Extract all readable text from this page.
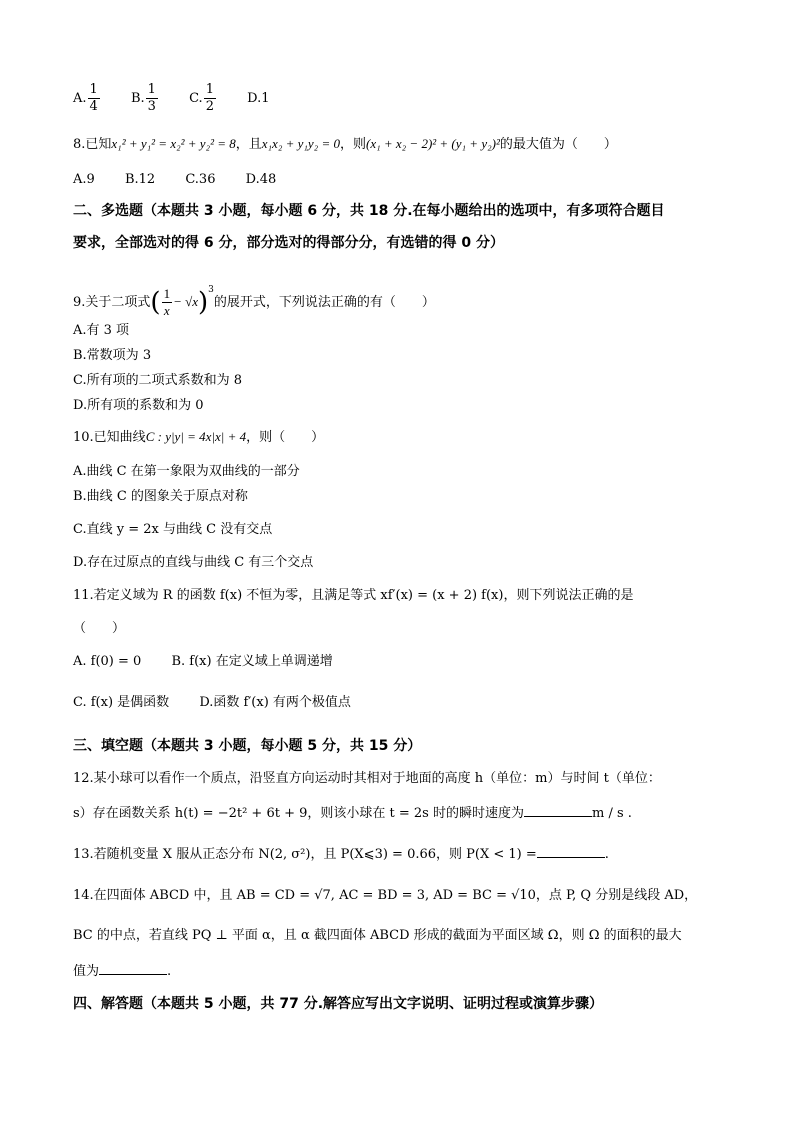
A. $\frac{1}{4} B$. $\frac{1}{3} C$. $\frac{1}{2} D.1$
8.已知x₁² + y₁² = x₂² + y₂² = 8，且x₁x₂ + y₁y₂ = 0，则(x₁ + x₂ − 2)² + (y₁ + y₂)²的最大值为（　　）
A.9 B.12 C.36 D.48
二、多选题（本题共 3 小题，每小题 6 分，共 18 分.在每小题给出的选项中，有多项符合题目
要求，全部选对的得 6 分，部分选对的得部分分，有选错的得 0 分）
9.关于二项式( $\frac{1}{x} - √x)^3$的展开式，下列说法正确的有（　　）
A.有 3 项
B.常数项为 3
C.所有项的二项式系数和为 8
D.所有项的系数和为 0
10.已知曲线C : y|y| = 4x|x| + 4，则（　　）
A.曲线 C 在第一象限为双曲线的一部分
B.曲线 C 的图象关于原点对称
C.直线 y = 2x 与曲线 C 没有交点
D.存在过原点的直线与曲线 C 有三个交点
11.若定义域为 R 的函数 f(x) 不恒为零，且满足等式 xf′(x) = (x + 2) f(x)，则下列说法正确的是
（　　）
A. f(0) = 0 B. f(x) 在定义域上单调递增
C. f(x) 是偶函数 D.函数 f′(x) 有两个极值点
三、填空题（本题共 3 小题，每小题 5 分，共 15 分）
12.某小球可以看作一个质点，沿竖直方向运动时其相对于地面的高度 h（单位：m）与时间 t（单位：
s）存在函数关系 h(t) = −2t² + 6t + 9，则该小球在 t = 2s 时的瞬时速度为	m / s .
13.若随机变量 X 服从正态分布 N(2, σ²)，且 P(X⩽3) = 0.66，则 P(X < 1) =	.
14.在四面体 ABCD 中，且 AB = CD = √7, AC = BD = 3, AD = BC = √10，点 P, Q 分别是线段 AD，
BC 的中点，若直线 PQ ⊥ 平面 α，且 α 截四面体 ABCD 形成的截面为平面区域 Ω，则 Ω 的面积的最大
值为	.
四、解答题（本题共 5 小题，共 77 分.解答应写出文字说明、证明过程或演算步骤）
